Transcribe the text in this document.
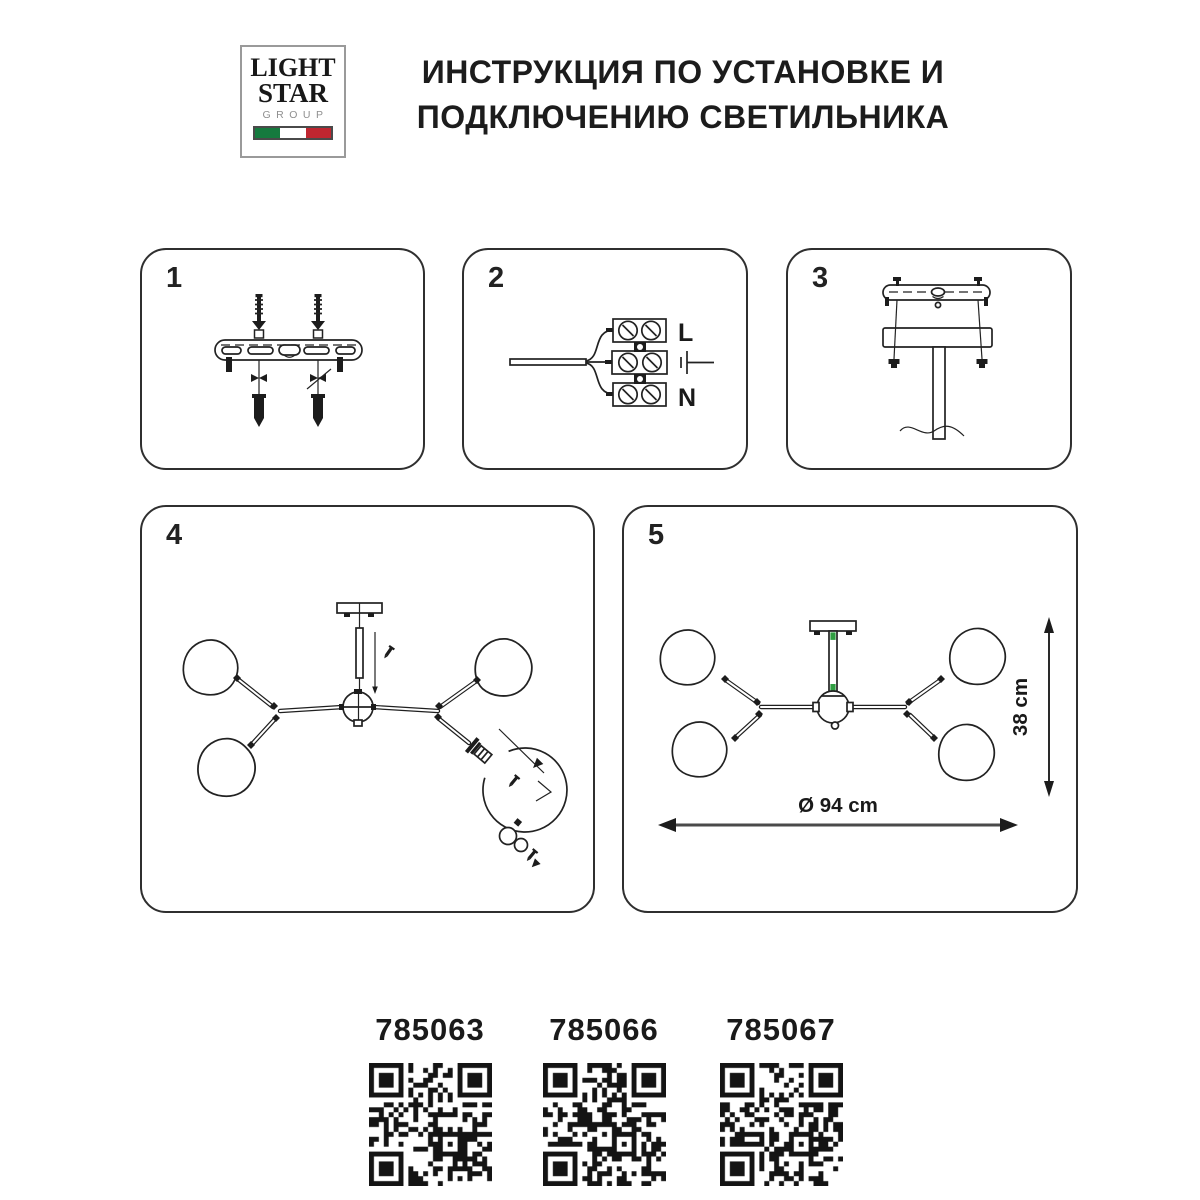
LIGHT
STAR
GROUP
ИНСТРУКЦИЯ ПО УСТАНОВКЕ И
ПОДКЛЮЧЕНИЮ СВЕТИЛЬНИКА
1	2
L
N
3
4	5
38 cm
Ø 94 cm
785063	785066	785067
